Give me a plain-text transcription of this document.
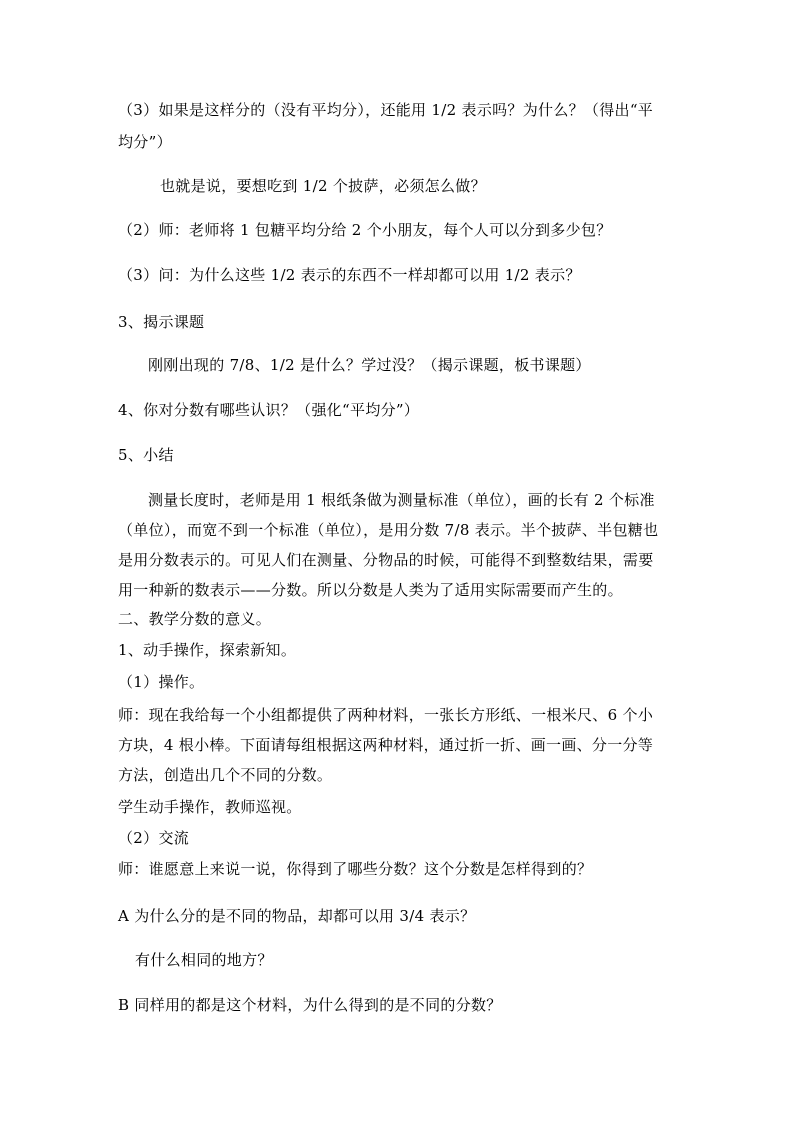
（3）如果是这样分的（没有平均分），还能用 1/2 表示吗？为什么？（得出“平
均分”）
也就是说，要想吃到 1/2 个披萨，必须怎么做？
（2）师：老师将 1 包糖平均分给 2 个小朋友，每个人可以分到多少包？
（3）问：为什么这些 1/2 表示的东西不一样却都可以用 1/2 表示？
3、揭示课题
刚刚出现的 7/8、1/2 是什么？学过没？（揭示课题，板书课题）
4、你对分数有哪些认识？（强化“平均分”）
5、小结
测量长度时，老师是用 1 根纸条做为测量标准（单位），画的长有 2 个标准
（单位），而宽不到一个标准（单位），是用分数 7/8 表示。半个披萨、半包糖也
是用分数表示的。可见人们在测量、分物品的时候，可能得不到整数结果，需要
用一种新的数表示——分数。所以分数是人类为了适用实际需要而产生的。
二、教学分数的意义。
1、动手操作，探索新知。
（1）操作。
师：现在我给每一个小组都提供了两种材料，一张长方形纸、一根米尺、6 个小
方块，4 根小棒。下面请每组根据这两种材料，通过折一折、画一画、分一分等
方法，创造出几个不同的分数。
学生动手操作，教师巡视。
（2）交流
师：谁愿意上来说一说，你得到了哪些分数？这个分数是怎样得到的？
A 为什么分的是不同的物品，却都可以用 3/4 表示？
有什么相同的地方？
B 同样用的都是这个材料，为什么得到的是不同的分数？
